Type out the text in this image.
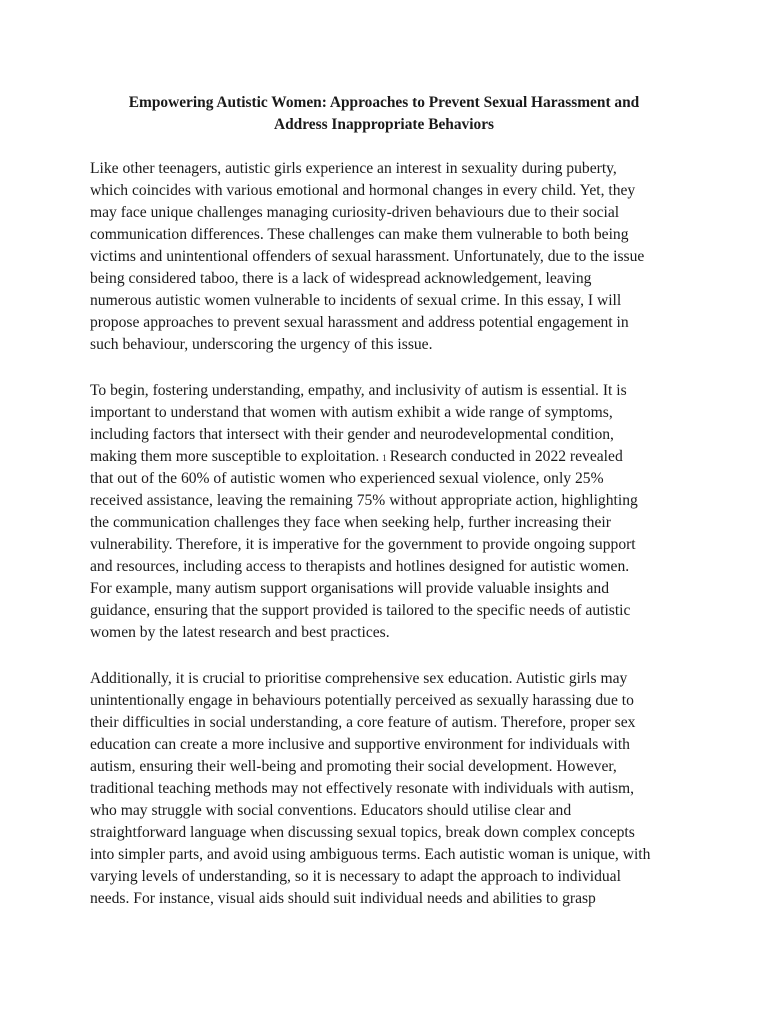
Empowering Autistic Women: Approaches to Prevent Sexual Harassment and
Address Inappropriate Behaviors
Like other teenagers, autistic girls experience an interest in sexuality during puberty,
which coincides with various emotional and hormonal changes in every child. Yet, they
may face unique challenges managing curiosity-driven behaviours due to their social
communication differences. These challenges can make them vulnerable to both being
victims and unintentional offenders of sexual harassment. Unfortunately, due to the issue
being considered taboo, there is a lack of widespread acknowledgement, leaving
numerous autistic women vulnerable to incidents of sexual crime. In this essay, I will
propose approaches to prevent sexual harassment and address potential engagement in
such behaviour, underscoring the urgency of this issue.
To begin, fostering understanding, empathy, and inclusivity of autism is essential. It is
important to understand that women with autism exhibit a wide range of symptoms,
including factors that intersect with their gender and neurodevelopmental condition,
making them more susceptible to exploitation. 1 Research conducted in 2022 revealed
that out of the 60% of autistic women who experienced sexual violence, only 25%
received assistance, leaving the remaining 75% without appropriate action, highlighting
the communication challenges they face when seeking help, further increasing their
vulnerability. Therefore, it is imperative for the government to provide ongoing support
and resources, including access to therapists and hotlines designed for autistic women.
For example, many autism support organisations will provide valuable insights and
guidance, ensuring that the support provided is tailored to the specific needs of autistic
women by the latest research and best practices.
Additionally, it is crucial to prioritise comprehensive sex education. Autistic girls may
unintentionally engage in behaviours potentially perceived as sexually harassing due to
their difficulties in social understanding, a core feature of autism. Therefore, proper sex
education can create a more inclusive and supportive environment for individuals with
autism, ensuring their well-being and promoting their social development. However,
traditional teaching methods may not effectively resonate with individuals with autism,
who may struggle with social conventions. Educators should utilise clear and
straightforward language when discussing sexual topics, break down complex concepts
into simpler parts, and avoid using ambiguous terms. Each autistic woman is unique, with
varying levels of understanding, so it is necessary to adapt the approach to individual
needs. For instance, visual aids should suit individual needs and abilities to grasp
